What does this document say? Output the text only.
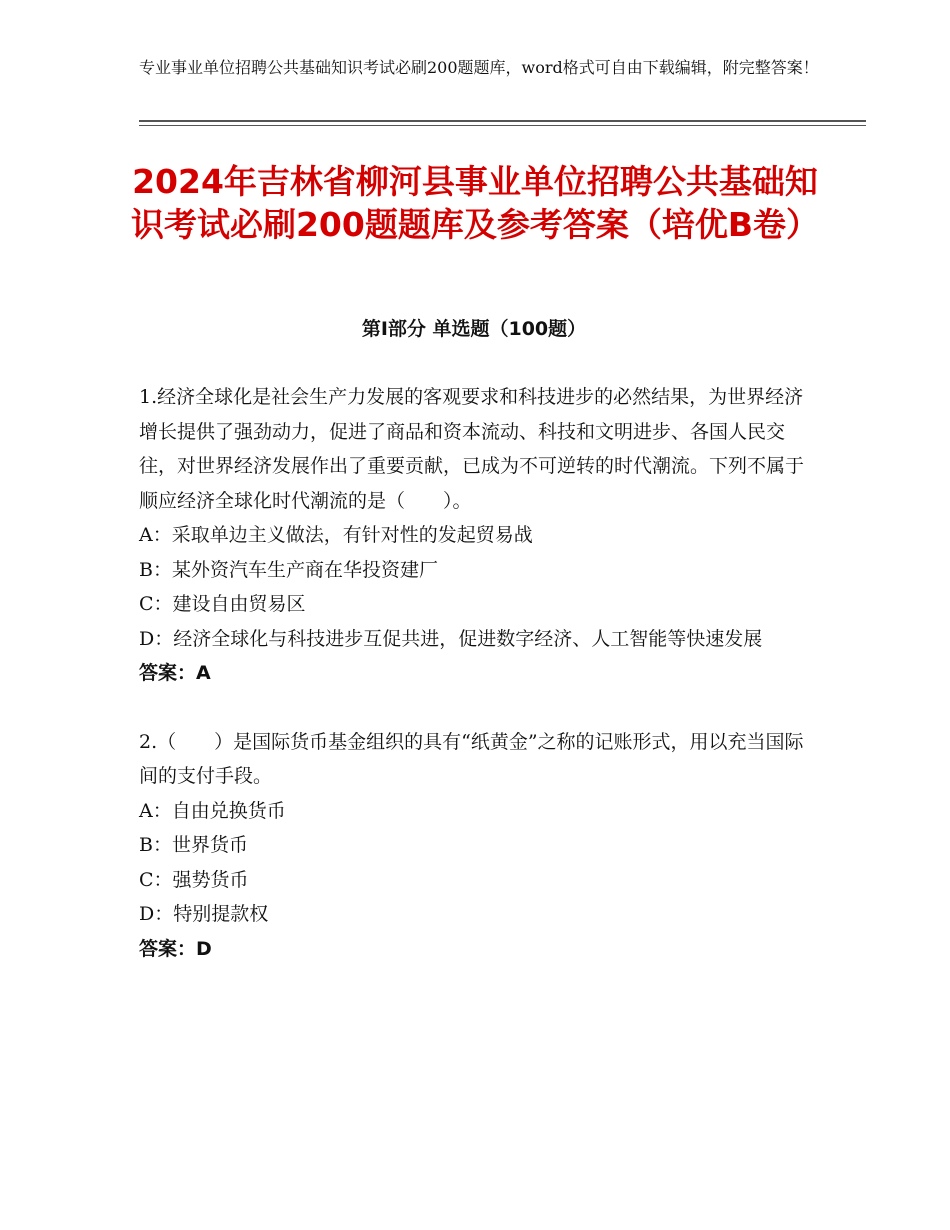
专业事业单位招聘公共基础知识考试必刷200题题库，word格式可自由下载编辑，附完整答案！
2024年吉林省柳河县事业单位招聘公共基础知识考试必刷200题题库及参考答案（培优B卷）
第Ⅰ部分 单选题（100题）

1.经济全球化是社会生产力发展的客观要求和科技进步的必然结果，为世界经济增长提供了强劲动力，促进了商品和资本流动、科技和文明进步、各国人民交往，对世界经济发展作出了重要贡献，已成为不可逆转的时代潮流。下列不属于顺应经济全球化时代潮流的是（　　）。

A：采取单边主义做法，有针对性的发起贸易战

B：某外资汽车生产商在华投资建厂

C：建设自由贸易区

D：经济全球化与科技进步互促共进，促进数字经济、人工智能等快速发展

答案：A

2.（　　）是国际货币基金组织的具有“纸黄金”之称的记账形式，用以充当国际间的支付手段。

A：自由兑换货币

B：世界货币

C：强势货币

D：特别提款权

答案：D
